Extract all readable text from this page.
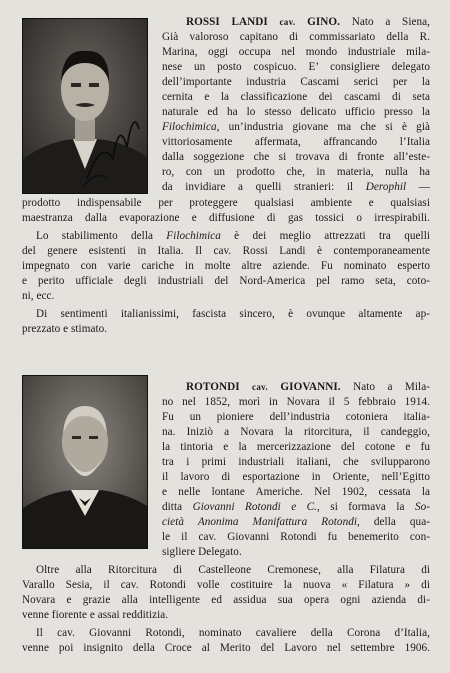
ROSSI LANDI cav. GINO. Nato a Siena,
Già valoroso capitano di commissariato della R.
Marina, oggi occupa nel mondo industriale mila-
nese un posto cospicuo. E’ consigliere delegato
dell’importante industria Cascami serici per la
cernita e la classificazione dei cascami di seta
naturale ed ha lo stesso delicato ufficio presso la
Filochimica, un’industria giovane ma che si è già
vittoriosamente affermata, affrancando l’Italia
dalla soggezione che si trovava di fronte all’este-
ro, con un prodotto che, in materia, nulla ha
da invidiare a quelli stranieri: il Derophil —
prodotto indispensabile per proteggere qualsiasi ambiente e qualsiasi
maestranza dalla evaporazione e diffusione di gas tossici o irrespirabili.
Lo stabilimento della Filochimica è dei meglio attrezzati tra quelli
del genere esistenti in Italia. Il cav. Rossi Landi è contemporaneamente
impegnato con varie cariche in molte altre aziende. Fu nominato esperto
e perito ufficiale degli industriali del Nord-America pel ramo seta, coto-
ni, ecc.
Di sentimenti italianissimi, fascista sincero, è ovunque altamente ap-
prezzato e stimato.
ROTONDI cav. GIOVANNI. Nato a Mila-
no nel 1852, morì in Novara il 5 febbraio 1914.
Fu un pioniere dell’industria cotoniera italia-
na. Iniziò a Novara la ritorcitura, il candeggio,
la tintoria e la mercerizzazione del cotone e fu
tra i primi industriali italiani, che svilupparono
il lavoro di esportazione in Oriente, nell’Egitto
e nelle lontane Americhe. Nel 1902, cessata la
ditta Giovanni Rotondi e C., si formava la So-
cietà Anonima Manifattura Rotondi, della qua-
le il cav. Giovanni Rotondi fu benemerito con-
sigliere Delegato.
Oltre alla Ritorcitura di Castelleone Cremonese, alla Filatura di
Varallo Sesia, il cav. Rotondi volle costituire la nuova « Filatura » di
Novara e grazie alla intelligente ed assidua sua opera ogni azienda di-
venne fiorente e assai redditizia.
Il cav. Giovanni Rotondi, nominato cavaliere della Corona d’Italia,
venne poi insignito della Croce al Merito del Lavoro nel settembre 1906.
